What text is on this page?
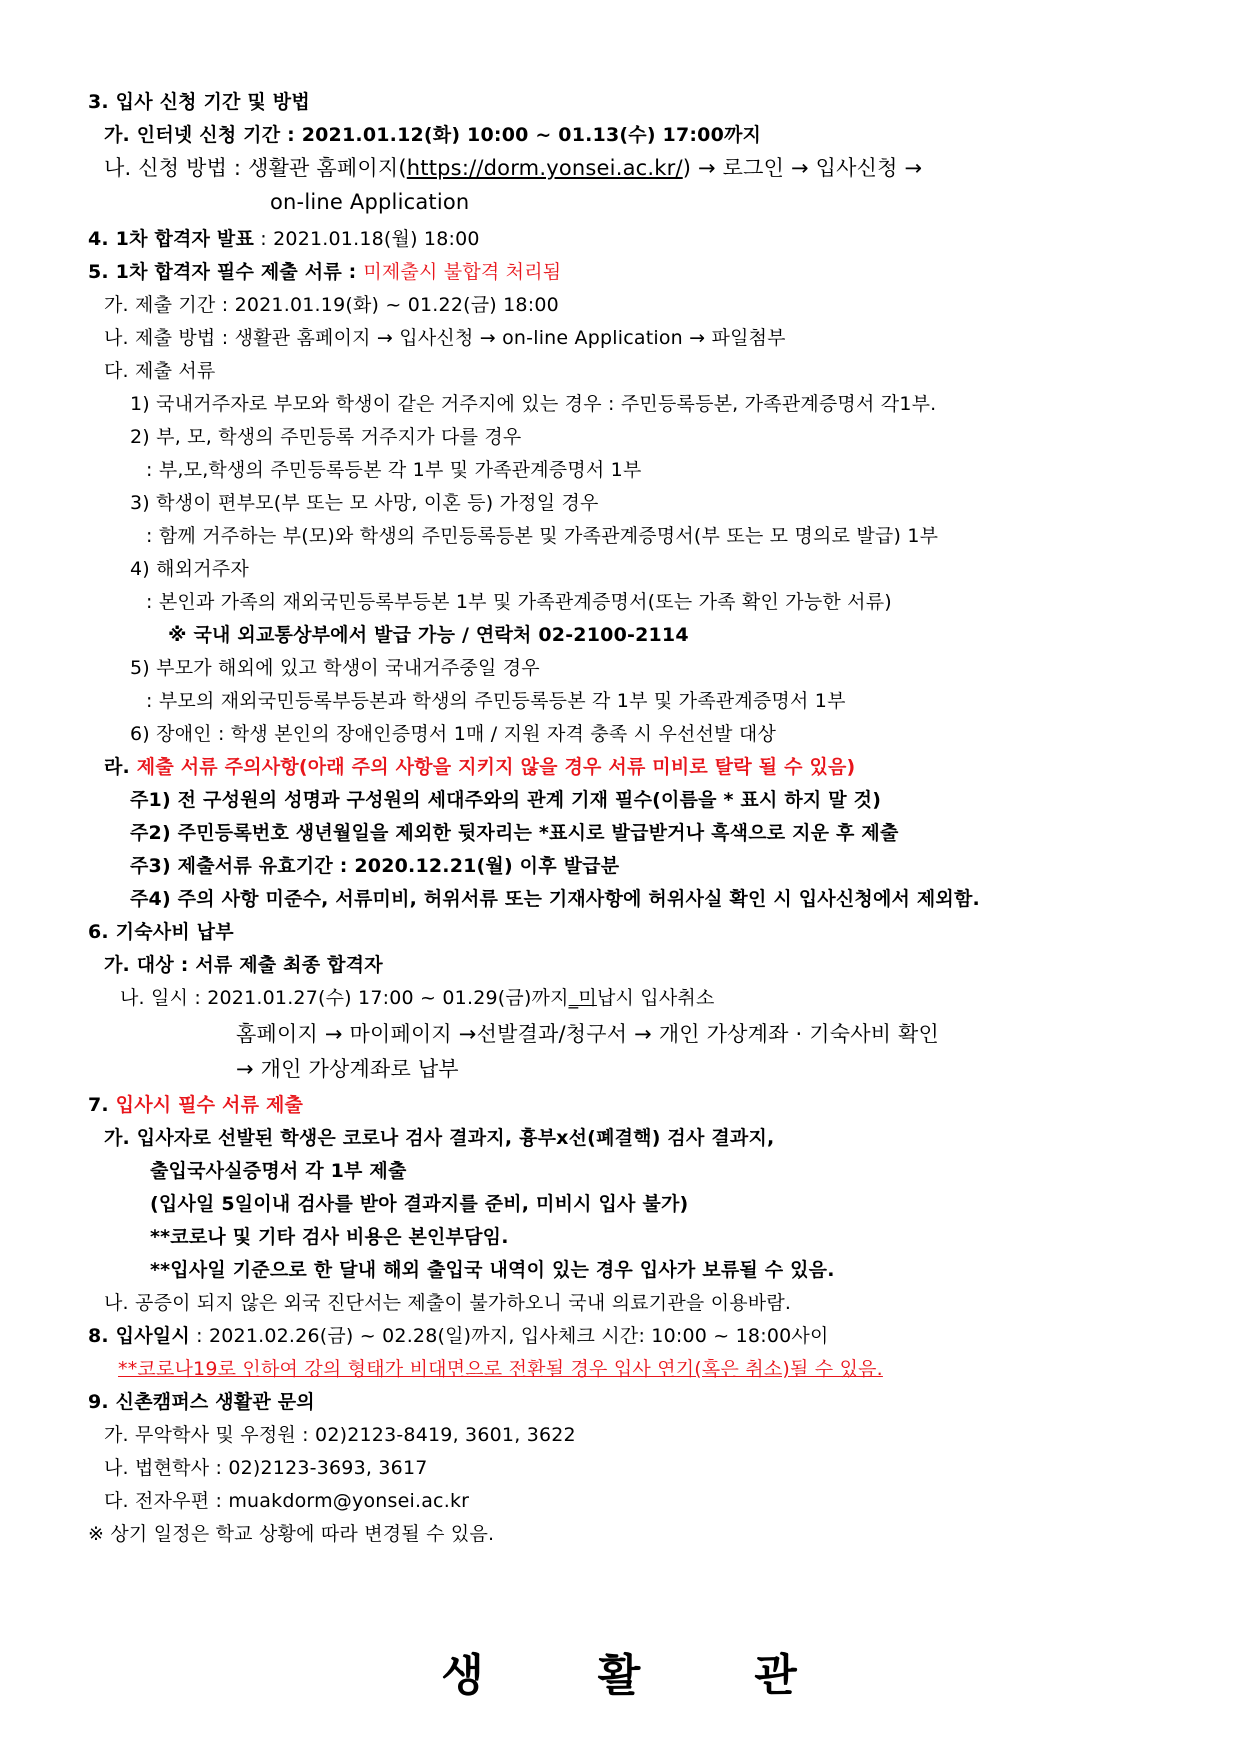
3. 입사 신청 기간 및 방법
가. 인터넷 신청 기간 : 2021.01.12(화) 10:00 ~ 01.13(수) 17:00까지
나. 신청 방법 : 생활관 홈페이지(https://dorm.yonsei.ac.kr/) → 로그인 → 입사신청 →
on-line Application
4. 1차 합격자 발표 : 2021.01.18(월) 18:00
5. 1차 합격자 필수 제출 서류 : 미제출시 불합격 처리됨
가. 제출 기간 : 2021.01.19(화) ~ 01.22(금) 18:00
나. 제출 방법 : 생활관 홈페이지 → 입사신청 → on-line Application → 파일첨부
다. 제출 서류
1) 국내거주자로 부모와 학생이 같은 거주지에 있는 경우 : 주민등록등본, 가족관계증명서 각1부.
2) 부, 모, 학생의 주민등록 거주지가 다를 경우
: 부,모,학생의 주민등록등본 각 1부 및 가족관계증명서 1부
3) 학생이 편부모(부 또는 모 사망, 이혼 등) 가정일 경우
: 함께 거주하는 부(모)와 학생의 주민등록등본 및 가족관계증명서(부 또는 모 명의로 발급) 1부
4) 해외거주자
: 본인과 가족의 재외국민등록부등본 1부 및 가족관계증명서(또는 가족 확인 가능한 서류)
※ 국내 외교통상부에서 발급 가능 / 연락처 02-2100-2114
5) 부모가 해외에 있고 학생이 국내거주중일 경우
: 부모의 재외국민등록부등본과 학생의 주민등록등본 각 1부 및 가족관계증명서 1부
6) 장애인 : 학생 본인의 장애인증명서 1매 / 지원 자격 충족 시 우선선발 대상
라. 제출 서류 주의사항(아래 주의 사항을 지키지 않을 경우 서류 미비로 탈락 될 수 있음)
주1) 전 구성원의 성명과 구성원의 세대주와의 관계 기재 필수(이름을 * 표시 하지 말 것)
주2) 주민등록번호 생년월일을 제외한 뒷자리는 *표시로 발급받거나 흑색으로 지운 후 제출
주3) 제출서류 유효기간 : 2020.12.21(월) 이후 발급분
주4) 주의 사항 미준수, 서류미비, 허위서류 또는 기재사항에 허위사실 확인 시 입사신청에서 제외함.
6. 기숙사비 납부
가. 대상 : 서류 제출 최종 합격자
나. 일시 : 2021.01.27(수) 17:00 ~ 01.29(금)까지_미납시 입사취소
홈페이지 → 마이페이지 →선발결과/청구서 → 개인 가상계좌 · 기숙사비 확인
→ 개인 가상계좌로 납부
7. 입사시 필수 서류 제출
가. 입사자로 선발된 학생은 코로나 검사 결과지, 흉부x선(폐결핵) 검사 결과지,
출입국사실증명서 각 1부 제출
(입사일 5일이내 검사를 받아 결과지를 준비, 미비시 입사 불가)
**코로나 및 기타 검사 비용은 본인부담임.
**입사일 기준으로 한 달내 해외 출입국 내역이 있는 경우 입사가 보류될 수 있음.
나. 공증이 되지 않은 외국 진단서는 제출이 불가하오니 국내 의료기관을 이용바람.
8. 입사일시 : 2021.02.26(금) ~ 02.28(일)까지, 입사체크 시간: 10:00 ~ 18:00사이
**코로나19로 인하여 강의 형태가 비대면으로 전환될 경우 입사 연기(혹은 취소)될 수 있음.
9. 신촌캠퍼스 생활관 문의
가. 무악학사 및 우정원 : 02)2123-8419, 3601, 3622
나. 법현학사 : 02)2123-3693, 3617
다. 전자우편 : muakdorm@yonsei.ac.kr
※ 상기 일정은 학교 상황에 따라 변경될 수 있음.
생	활	관
